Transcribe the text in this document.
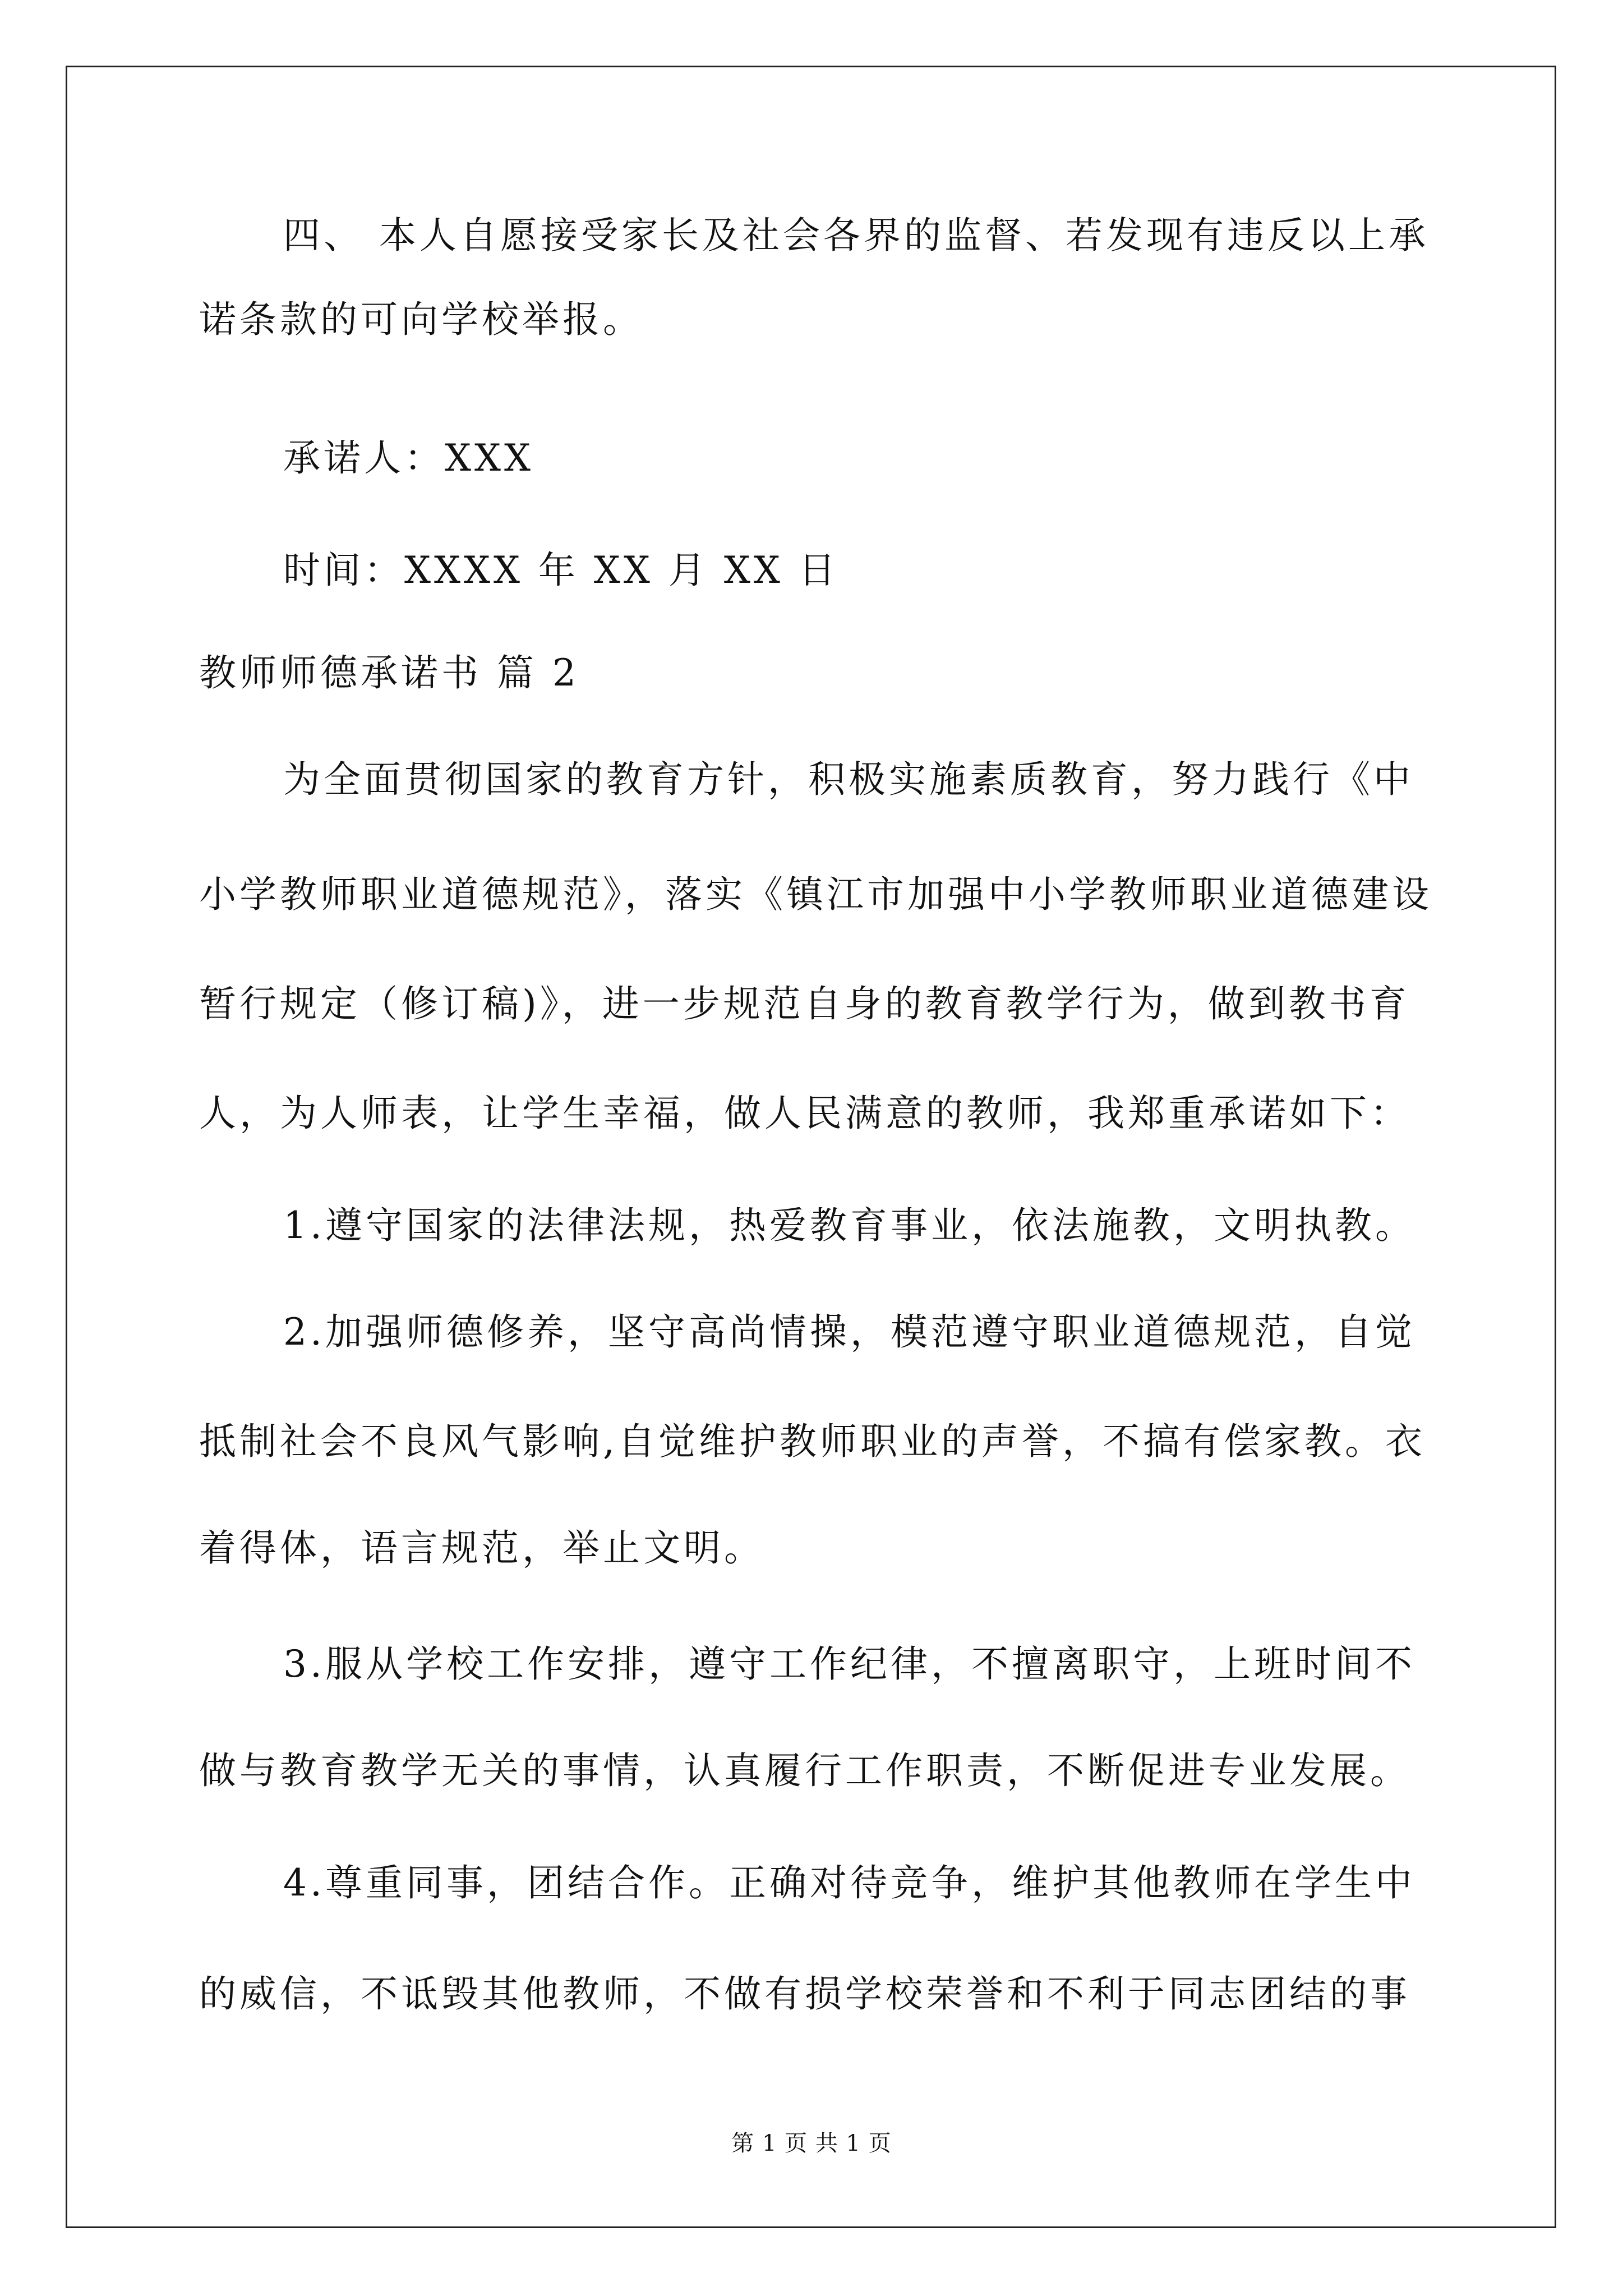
四、 本人自愿接受家长及社会各界的监督、若发现有违反以上承
诺条款的可向学校举报。
承诺人：XXX
时间：XXXX 年 XX 月 XX 日
教师师德承诺书 篇 2
为全面贯彻国家的教育方针，积极实施素质教育，努力践行《中
小学教师职业道德规范》，落实《镇江市加强中小学教师职业道德建设
暂行规定（修订稿)》，进一步规范自身的教育教学行为，做到教书育
人，为人师表，让学生幸福，做人民满意的教师，我郑重承诺如下：
1.遵守国家的法律法规，热爱教育事业，依法施教，文明执教。
2.加强师德修养，坚守高尚情操，模范遵守职业道德规范，自觉
抵制社会不良风气影响,自觉维护教师职业的声誉，不搞有偿家教。衣
着得体，语言规范，举止文明。
3.服从学校工作安排，遵守工作纪律，不擅离职守，上班时间不
做与教育教学无关的事情，认真履行工作职责，不断促进专业发展。
4.尊重同事，团结合作。正确对待竞争，维护其他教师在学生中
的威信，不诋毁其他教师，不做有损学校荣誉和不利于同志团结的事
第 1 页 共 1 页
